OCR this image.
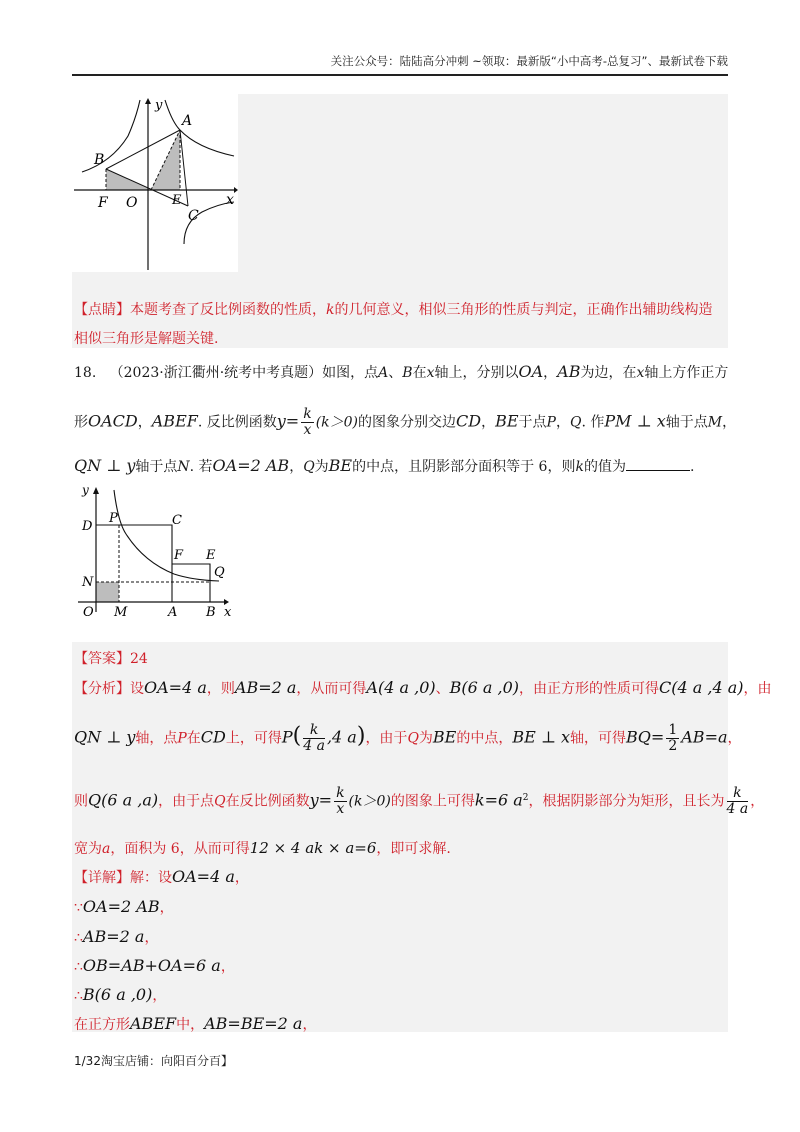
关注公众号：陆陆高分冲刺 ~领取：最新版“小中高考-总复习”、最新试卷下载
y
A
B
F O	E
C
x
【点睛】本题考查了反比例函数的性质，k的几何意义，相似三角形的性质与判定，正确作出辅助线构造
相似三角形是解题关键.
18. （2023·浙江衢州·统考中考真题）如图，点A、B在x轴上，分别以OA，AB为边，在x轴上方作正方
形OACD，ABEF. 反比例函数$y= \frac{k}{x} (k>0)$的图象分别交边CD，BE于点P，Q. 作PM ⊥ x轴于点M，
QN ⊥ y轴于点N. 若OA=2 AB，Q为BE的中点，且阴影部分面积等于 6，则k的值为	.
y
D
P	C
F E
Q
N
O M	A B x
【答案】24
【分析】设OA=4 a，则AB=2 a，从而可得A(4 a ,0)、B(6 a ,0)，由正方形的性质可得C(4 a ,4 a)，由
QN ⊥ y轴，点P在CD上，可得$P( \frac{k}{4 a} ,4$ a)，由于Q为BE的中点，BE ⊥ x轴，可得$BQ= \frac{1}{2} AB=a$，
则Q(6 a ,a)，由于点Q在反比例函数$y= \frac{k}{x} (k>0)$的图象上可得k=6 $a^2$，根据阴影部分为矩形，且长为 $\frac{k}{4 a}$ ，
宽为a，面积为 6，从而可得12 × 4 ak × a=6，即可求解.
【详解】解：设OA=4 a，
∵OA=2 AB，
∴AB=2 a，
∴OB=AB+OA=6 a，
∴B(6 a ,0)，
在正方形ABEF中，AB=BE=2 a，
1/32淘宝店铺：向阳百分百】
